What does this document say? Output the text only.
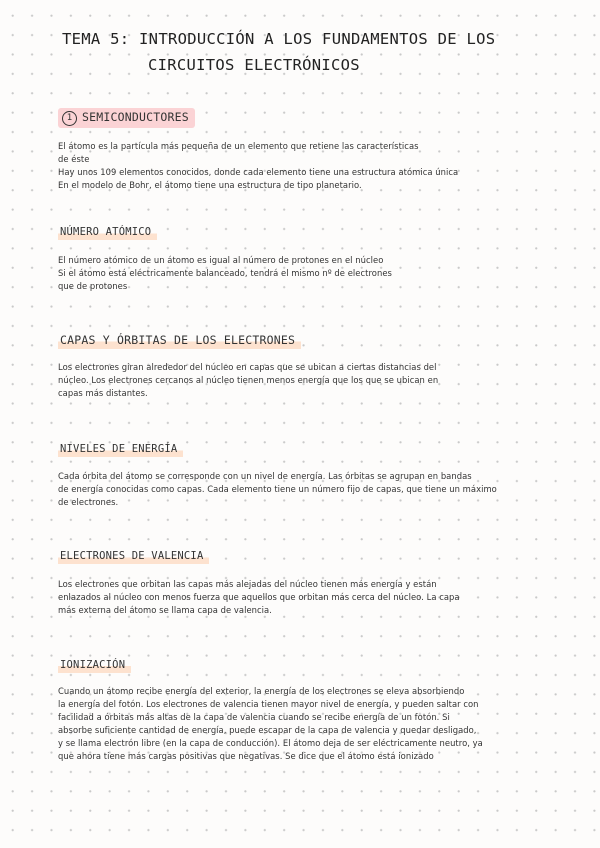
TEMA 5: INTRODUCCIÓN A LOS FUNDAMENTOS DE LOS
CIRCUITOS ELECTRÓNICOS
1 SEMICONDUCTORES
El átomo es la partícula más pequeña de un elemento que retiene las características
de éste
Hay unos 109 elementos conocidos, donde cada elemento tiene una estructura atómica única
En el modelo de Bohr, el átomo tiene una estructura de tipo planetario.
NÚMERO ATÓMICO
El número atómico de un átomo es igual al número de protones en el núcleo
Si el átomo está eléctricamente balanceado, tendrá el mismo nº de electrones
que de protones
CAPAS Y ÓRBITAS DE LOS ELECTRONES
Los electrones giran alrededor del núcleo en capas que se ubican a ciertas distancias del
núcleo. Los electrones cercanos al núcleo tienen menos energía que los que se ubican en
capas más distantes.
NIVELES DE ENERGÍA
Cada órbita del átomo se corresponde con un nivel de energía. Las órbitas se agrupan en bandas
de energía conocidas como capas. Cada elemento tiene un número fijo de capas, que tiene un máximo
de electrones.
ELECTRONES DE VALENCIA
Los electrones que orbitan las capas más alejadas del núcleo tienen más energía y están
enlazados al núcleo con menos fuerza que aquellos que orbitan más cerca del núcleo. La capa
más externa del átomo se llama capa de valencia.
IONIZACIÓN
Cuando un átomo recibe energía del exterior, la energía de los electrones se eleva absorbiendo
la energía del fotón. Los electrones de valencia tienen mayor nivel de energía, y pueden saltar con
facilidad a órbitas más altas de la capa de valencia cuando se recibe energía de un fotón. Si
absorbe suficiente cantidad de energía, puede escapar de la capa de valencia y quedar desligado,
y se llama electrón libre (en la capa de conducción). El átomo deja de ser eléctricamente neutro, ya
que ahora tiene más cargas positivas que negativas. Se dice que el átomo está ionizado
